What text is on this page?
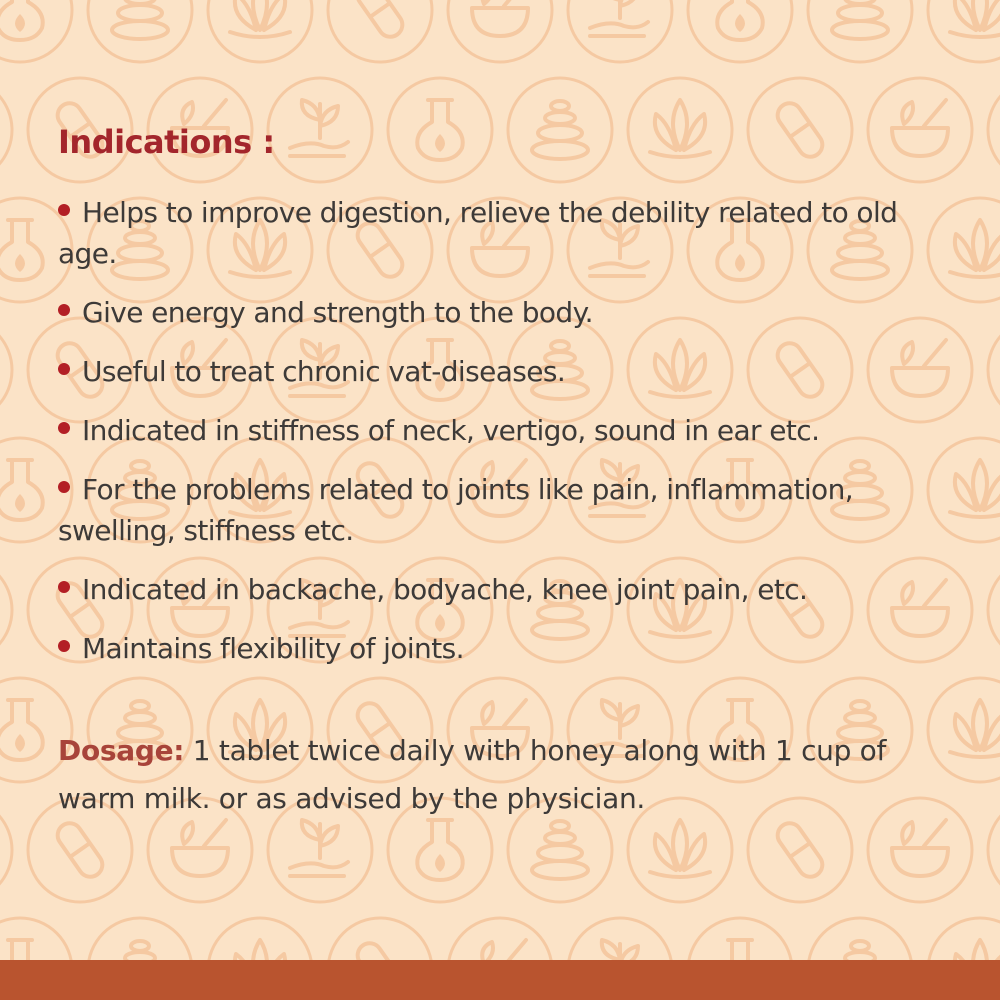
Indications :
Helps to improve digestion, relieve the debility related to old age.
Give energy and strength to the body.
Useful to treat chronic vat-diseases.
Indicated in stiffness of neck, vertigo, sound in ear etc.
For the problems related to joints like pain, inflammation, swelling, stiffness etc.
Indicated in backache, bodyache, knee joint pain, etc.
Maintains flexibility of joints.
Dosage: 1 tablet twice daily with honey along with 1 cup of warm milk. or as advised by the physician.
